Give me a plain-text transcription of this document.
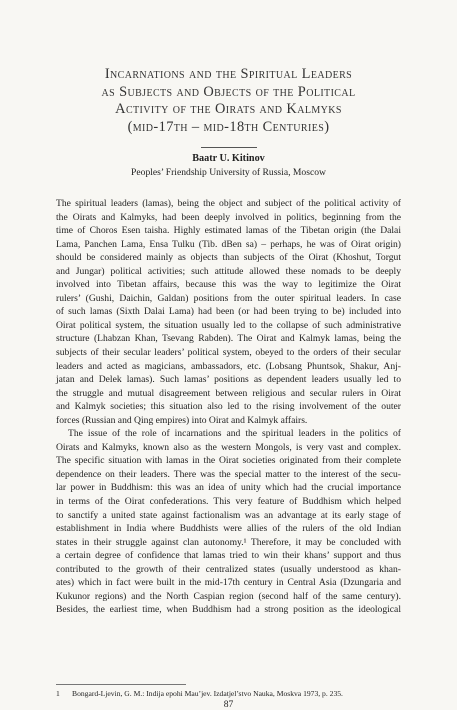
Incarnations and the Spiritual Leaders
as Subjects and Objects of the Political
Activity of the Oirats and Kalmyks
(mid-17th – mid-18th Centuries)
Baatr U. Kitinov
Peoples’ Friendship University of Russia, Moscow

The spiritual leaders (lamas), being the object and subject of the political activity of

the Oirats and Kalmyks, had been deeply involved in politics, beginning from the

time of Choros Esen taisha. Highly estimated lamas of the Tibetan origin (the Dalai

Lama, Panchen Lama, Ensa Tulku (Tib. dBen sa) – perhaps, he was of Oirat origin)

should be considered mainly as objects than subjects of the Oirat (Khoshut, Torgut

and Jungar) political activities; such attitude allowed these nomads to be deeply

involved into Tibetan affairs, because this was the way to legitimize the Oirat

rulers’ (Gushi, Daichin, Galdan) positions from the outer spiritual leaders. In case

of such lamas (Sixth Dalai Lama) had been (or had been trying to be) included into

Oirat political system, the situation usually led to the collapse of such administrative

structure (Lhabzan Khan, Tsevang Rabden). The Oirat and Kalmyk lamas, being the

subjects of their secular leaders’ political system, obeyed to the orders of their secular

leaders and acted as magicians, ambassadors, etc. (Lobsang Phuntsok, Shakur, Anj-

jatan and Delek lamas). Such lamas’ positions as dependent leaders usually led to

the struggle and mutual disagreement between religious and secular rulers in Oirat

and Kalmyk societies; this situation also led to the rising involvement of the outer

forces (Russian and Qing empires) into Oirat and Kalmyk affairs.

The issue of the role of incarnations and the spiritual leaders in the politics of

Oirats and Kalmyks, known also as the western Mongols, is very vast and complex.

The specific situation with lamas in the Oirat societies originated from their complete

dependence on their leaders. There was the special matter to the interest of the secu-

lar power in Buddhism: this was an idea of unity which had the crucial importance

in terms of the Oirat confederations. This very feature of Buddhism which helped

to sanctify a united state against factionalism was an advantage at its early stage of

establishment in India where Buddhists were allies of the rulers of the old Indian

states in their struggle against clan autonomy.¹ Therefore, it may be concluded with

a certain degree of confidence that lamas tried to win their khans’ support and thus

contributed to the growth of their centralized states (usually understood as khan-

ates) which in fact were built in the mid-17th century in Central Asia (Dzungaria and

Kukunor regions) and the North Caspian region (second half of the same century).

Besides, the earliest time, when Buddhism had a strong position as the ideological

1 Bongard-Ljevin, G. M.: Indija epohi Mau’jev. Izdatjel’stvo Nauka, Moskva 1973, p. 235.
87
